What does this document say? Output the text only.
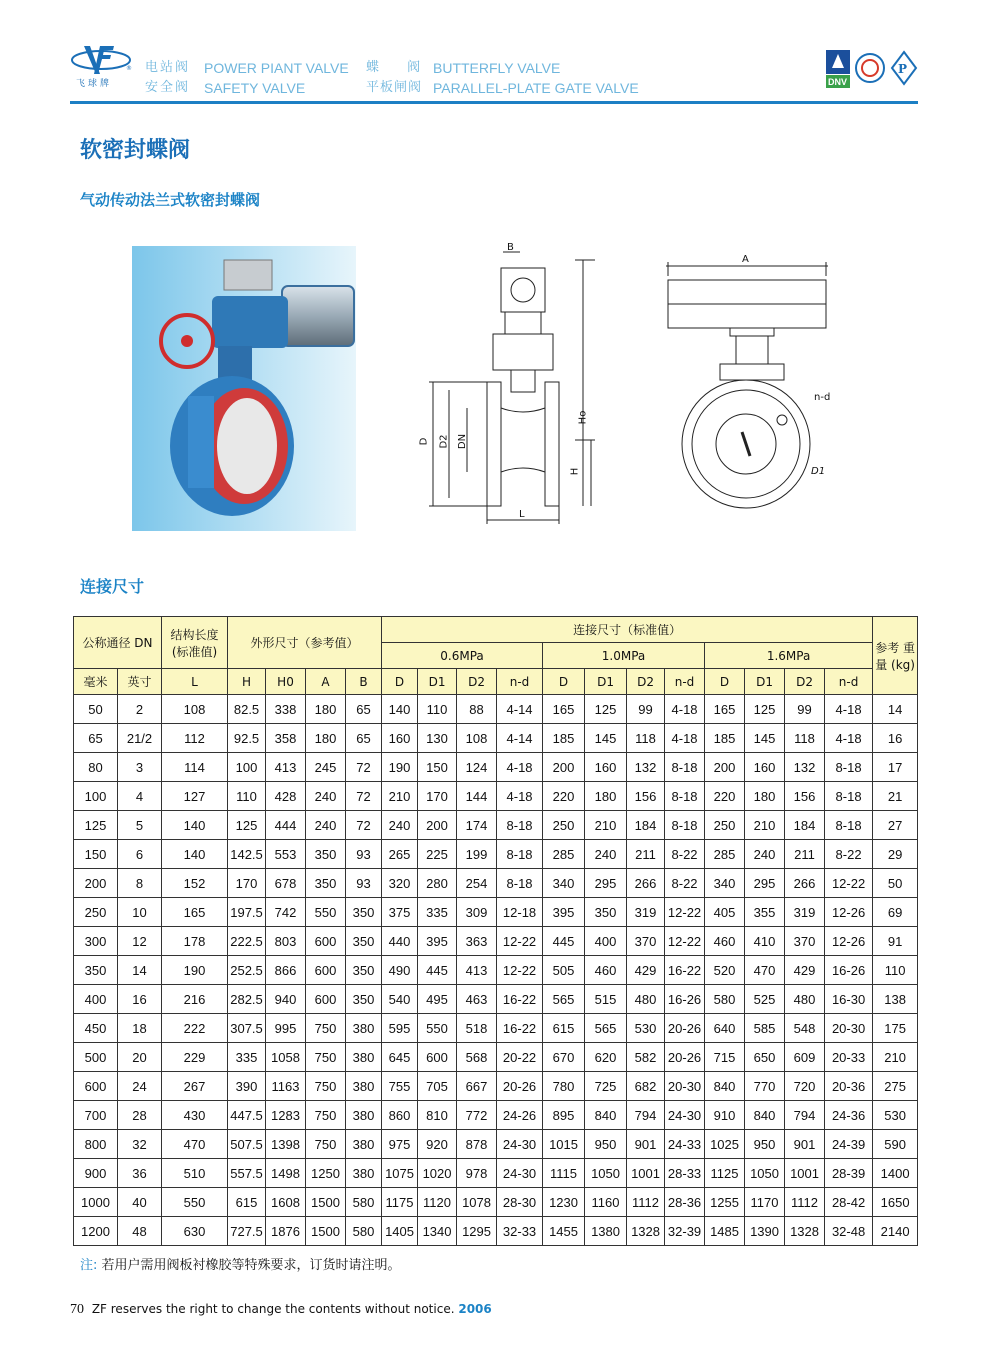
®
飞球牌
电站阀
安全阀
POWER PIANT VALVE
SAFETY VALVE
蝶 阀
平板闸阀
BUTTERFLY VALVE
PARALLEL-PLATE GATE VALVE
P
DNV
软密封蝶阀
气动传动法兰式软密封蝶阀
B
D D2 DN
Ho
H
L
A
n-d
D1
连接尺寸
公称通径 DN		结构长度 (标准值)	外形尺寸（参考值）				连接尺寸（标准值）												参考 重量 (kg)
							0.6MPa				1.0MPa				1.6MPa				
毫米	英寸	L	H	H0	A	B	D	D1	D2	n-d	D	D1	D2	n-d	D	D1	D2	n-d	
50	2	108	82.5	338	180	65	140	110	88	4-14	165	125	99	4-18	165	125	99	4-18	14
65	21/2	112	92.5	358	180	65	160	130	108	4-14	185	145	118	4-18	185	145	118	4-18	16
80	3	114	100	413	245	72	190	150	124	4-18	200	160	132	8-18	200	160	132	8-18	17
100	4	127	110	428	240	72	210	170	144	4-18	220	180	156	8-18	220	180	156	8-18	21
125	5	140	125	444	240	72	240	200	174	8-18	250	210	184	8-18	250	210	184	8-18	27
150	6	140	142.5	553	350	93	265	225	199	8-18	285	240	211	8-22	285	240	211	8-22	29
200	8	152	170	678	350	93	320	280	254	8-18	340	295	266	8-22	340	295	266	12-22	50
250	10	165	197.5	742	550	350	375	335	309	12-18	395	350	319	12-22	405	355	319	12-26	69
300	12	178	222.5	803	600	350	440	395	363	12-22	445	400	370	12-22	460	410	370	12-26	91
350	14	190	252.5	866	600	350	490	445	413	12-22	505	460	429	16-22	520	470	429	16-26	110
400	16	216	282.5	940	600	350	540	495	463	16-22	565	515	480	16-26	580	525	480	16-30	138
450	18	222	307.5	995	750	380	595	550	518	16-22	615	565	530	20-26	640	585	548	20-30	175
500	20	229	335	1058	750	380	645	600	568	20-22	670	620	582	20-26	715	650	609	20-33	210
600	24	267	390	1163	750	380	755	705	667	20-26	780	725	682	20-30	840	770	720	20-36	275
700	28	430	447.5	1283	750	380	860	810	772	24-26	895	840	794	24-30	910	840	794	24-36	530
800	32	470	507.5	1398	750	380	975	920	878	24-30	1015	950	901	24-33	1025	950	901	24-39	590
900	36	510	557.5	1498	1250	380	1075	1020	978	24-30	1115	1050	1001	28-33	1125	1050	1001	28-39	1400
1000	40	550	615	1608	1500	580	1175	1120	1078	28-30	1230	1160	1112	28-36	1255	1170	1112	28-42	1650
1200	48	630	727.5	1876	1500	580	1405	1340	1295	32-33	1455	1380	1328	32-39	1485	1390	1328	32-48	2140
注: 若用户需用阀板衬橡胶等特殊要求，订货时请注明。
70 ZF reserves the right to change the contents without notice. 2006
